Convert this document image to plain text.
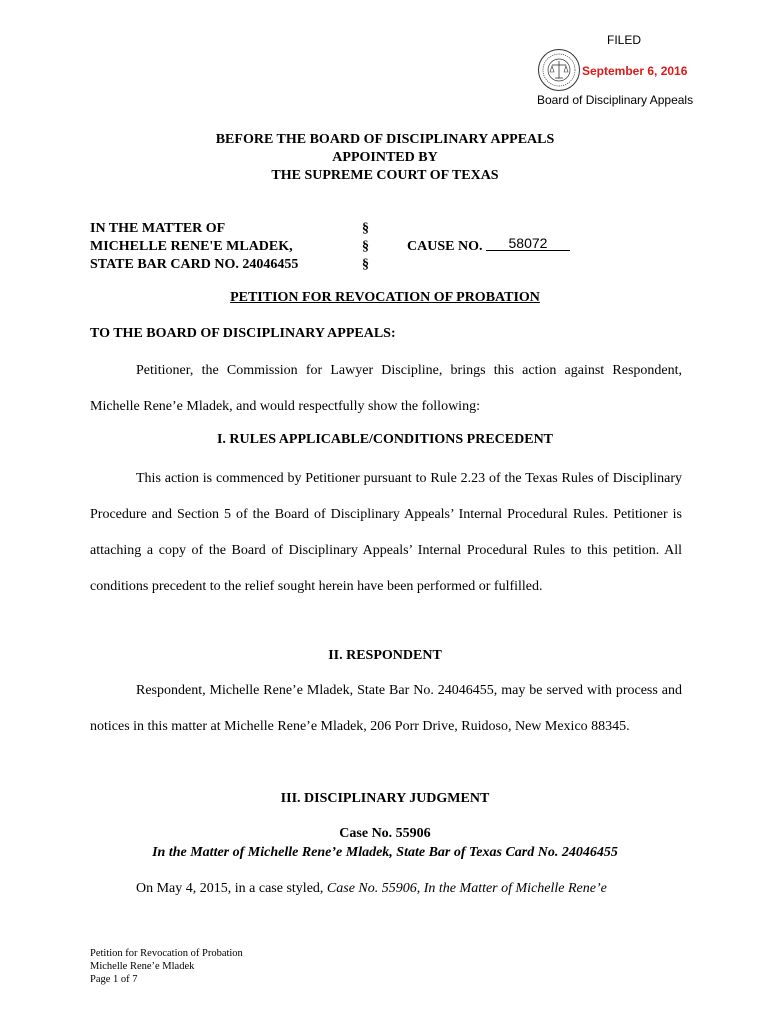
FILED
September 6, 2016
Board of Disciplinary Appeals
BEFORE THE BOARD OF DISCIPLINARY APPEALS
APPOINTED BY
THE SUPREME COURT OF TEXAS
IN THE MATTER OF
MICHELLE RENE'E MLADEK,
STATE BAR CARD NO. 24046455
§
§
§
CAUSE NO. 58072
PETITION FOR REVOCATION OF PROBATION
TO THE BOARD OF DISCIPLINARY APPEALS:
Petitioner, the Commission for Lawyer Discipline, brings this action against Respondent, Michelle Rene’e Mladek, and would respectfully show the following:
I. RULES APPLICABLE/CONDITIONS PRECEDENT
This action is commenced by Petitioner pursuant to Rule 2.23 of the Texas Rules of Disciplinary Procedure and Section 5 of the Board of Disciplinary Appeals’ Internal Procedural Rules. Petitioner is attaching a copy of the Board of Disciplinary Appeals’ Internal Procedural Rules to this petition. All conditions precedent to the relief sought herein have been performed or fulfilled.
II. RESPONDENT
Respondent, Michelle Rene’e Mladek, State Bar No. 24046455, may be served with process and notices in this matter at Michelle Rene’e Mladek, 206 Porr Drive, Ruidoso, New Mexico 88345.
III. DISCIPLINARY JUDGMENT
Case No. 55906
In the Matter of Michelle Rene’e Mladek, State Bar of Texas Card No. 24046455
On May 4, 2015, in a case styled, Case No. 55906, In the Matter of Michelle Rene’e
Petition for Revocation of Probation
Michelle Rene’e Mladek
Page 1 of 7
